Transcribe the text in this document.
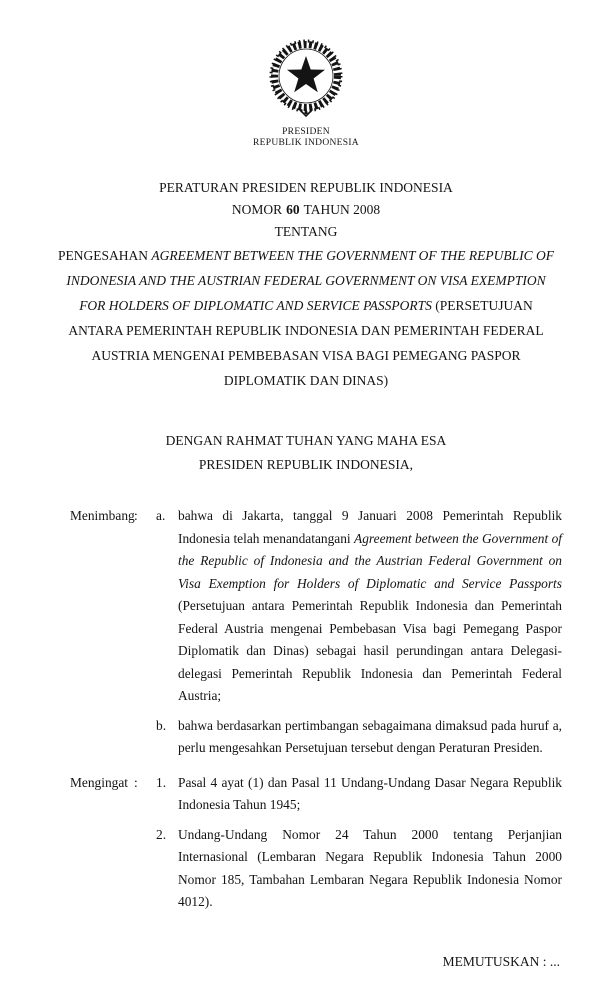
PRESIDEN
REPUBLIK INDONESIA
PERATURAN PRESIDEN REPUBLIK INDONESIA
NOMOR 60 TAHUN 2008
TENTANG

PENGESAHAN AGREEMENT BETWEEN THE GOVERNMENT OF THE REPUBLIC OF INDONESIA AND THE AUSTRIAN FEDERAL GOVERNMENT ON VISA EXEMPTION FOR HOLDERS OF DIPLOMATIC AND SERVICE PASSPORTS (PERSETUJUAN ANTARA PEMERINTAH REPUBLIK INDONESIA DAN PEMERINTAH FEDERAL AUSTRIA MENGENAI PEMBEBASAN VISA BAGI PEMEGANG PASPOR DIPLOMATIK DAN DINAS)

DENGAN RAHMAT TUHAN YANG MAHA ESA
PRESIDEN REPUBLIK INDONESIA,
Menimbang :	a. bahwa di Jakarta, tanggal 9 Januari 2008 Pemerintah Republik Indonesia telah menandatangani Agreement between the Government of the Republic of Indonesia and the Austrian Federal Government on Visa Exemption for Holders of Diplomatic and Service Passports (Persetujuan antara Pemerintah Republik Indonesia dan Pemerintah Federal Austria mengenai Pembebasan Visa bagi Pemegang Paspor Diplomatik dan Dinas) sebagai hasil perundingan antara Delegasi-delegasi Pemerintah Republik Indonesia dan Pemerintah Federal Austria;
b. bahwa berdasarkan pertimbangan sebagaimana dimaksud pada huruf a, perlu mengesahkan Persetujuan tersebut dengan Peraturan Presiden.
Mengingat :	1. Pasal 4 ayat (1) dan Pasal 11 Undang-Undang Dasar Negara Republik Indonesia Tahun 1945;
2. Undang-Undang Nomor 24 Tahun 2000 tentang Perjanjian Internasional (Lembaran Negara Republik Indonesia Tahun 2000 Nomor 185, Tambahan Lembaran Negara Republik Indonesia Nomor 4012).
MEMUTUSKAN : ...
